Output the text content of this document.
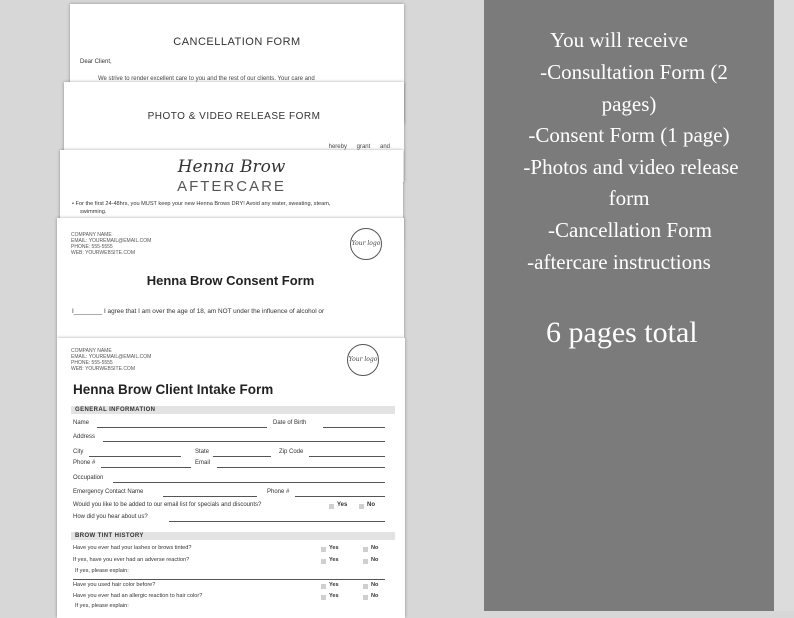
CANCELLATION FORM
Dear Client,
We strive to render excellent care to you and the rest of our clients. Your care and
PHOTO & VIDEO RELEASE FORM
hereby grant and
Henna Brow
AFTERCARE
• For the first 24-48hrs, you MUST keep your new Henna Brows DRY! Avoid any water, sweating, steam,
swimming.
COMPANY NAME
EMAIL: YOUREMAIL@EMAIL.COM
PHONE: 555-5555
WEB: YOURWEBSITE.COM
Your logo
Henna Brow Consent Form
I________ I agree that I am over the age of 18, am NOT under the influence of alcohol or
COMPANY NAME
EMAIL: YOUREMAIL@EMAIL.COM
PHONE: 555-5555
WEB: YOURWEBSITE.COM
Your logo
Henna Brow Client Intake Form
GENERAL INFORMATION
Name	Date of Birth
Address
City	State	Zip Code
Phone #	Email
Occupation
Emergency Contact Name	Phone #
Would you like to be added to our email list for specials and discounts?	Yes	No
How did you hear about us?
BROW TINT HISTORY
Have you ever had your lashes or brows tinted?	Yes	No
If yes, have you ever had an adverse reaction?	Yes	No
If yes, please explain:
Have you used hair color before?	Yes	No
Have you ever had an allergic reaction to hair color?	Yes	No
If yes, please explain:
You will receive
-Consultation Form (2
pages)
-Consent Form (1 page)
-Photos and video release
form
-Cancellation Form
-aftercare instructions
6 pages total
